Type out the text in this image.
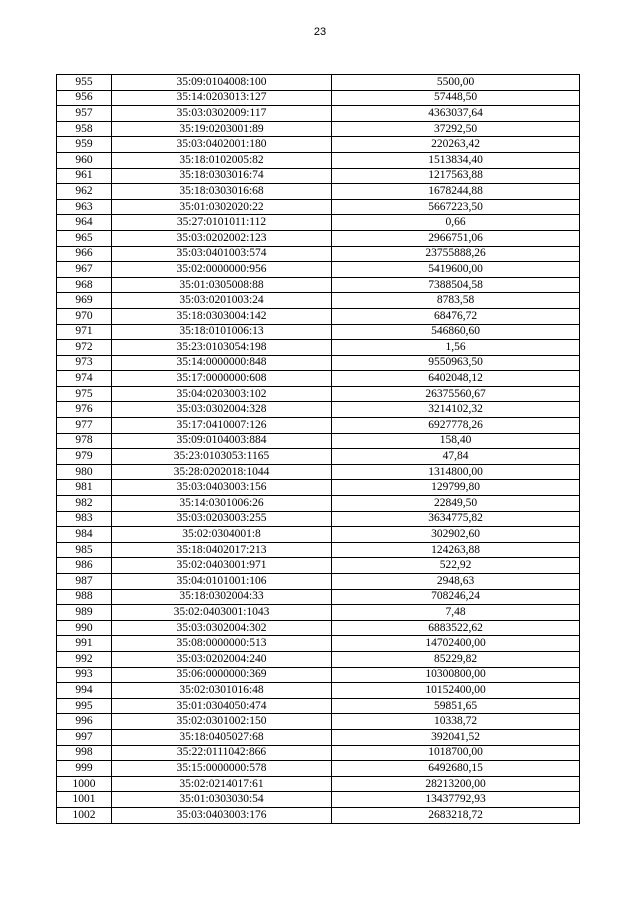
23
955	35:09:0104008:100	5500,00
956	35:14:0203013:127	57448,50
957	35:03:0302009:117	4363037,64
958	35:19:0203001:89	37292,50
959	35:03:0402001:180	220263,42
960	35:18:0102005:82	1513834,40
961	35:18:0303016:74	1217563,88
962	35:18:0303016:68	1678244,88
963	35:01:0302020:22	5667223,50
964	35:27:0101011:112	0,66
965	35:03:0202002:123	2966751,06
966	35:03:0401003:574	23755888,26
967	35:02:0000000:956	5419600,00
968	35:01:0305008:88	7388504,58
969	35:03:0201003:24	8783,58
970	35:18:0303004:142	68476,72
971	35:18:0101006:13	546860,60
972	35:23:0103054:198	1,56
973	35:14:0000000:848	9550963,50
974	35:17:0000000:608	6402048,12
975	35:04:0203003:102	26375560,67
976	35:03:0302004:328	3214102,32
977	35:17:0410007:126	6927778,26
978	35:09:0104003:884	158,40
979	35:23:0103053:1165	47,84
980	35:28:0202018:1044	1314800,00
981	35:03:0403003:156	129799,80
982	35:14:0301006:26	22849,50
983	35:03:0203003:255	3634775,82
984	35:02:0304001:8	302902,60
985	35:18:0402017:213	124263,88
986	35:02:0403001:971	522,92
987	35:04:0101001:106	2948,63
988	35:18:0302004:33	708246,24
989	35:02:0403001:1043	7,48
990	35:03:0302004:302	6883522,62
991	35:08:0000000:513	14702400,00
992	35:03:0202004:240	85229,82
993	35:06:0000000:369	10300800,00
994	35:02:0301016:48	10152400,00
995	35:01:0304050:474	59851,65
996	35:02:0301002:150	10338,72
997	35:18:0405027:68	392041,52
998	35:22:0111042:866	1018700,00
999	35:15:0000000:578	6492680,15
1000	35:02:0214017:61	28213200,00
1001	35:01:0303030:54	13437792,93
1002	35:03:0403003:176	2683218,72
